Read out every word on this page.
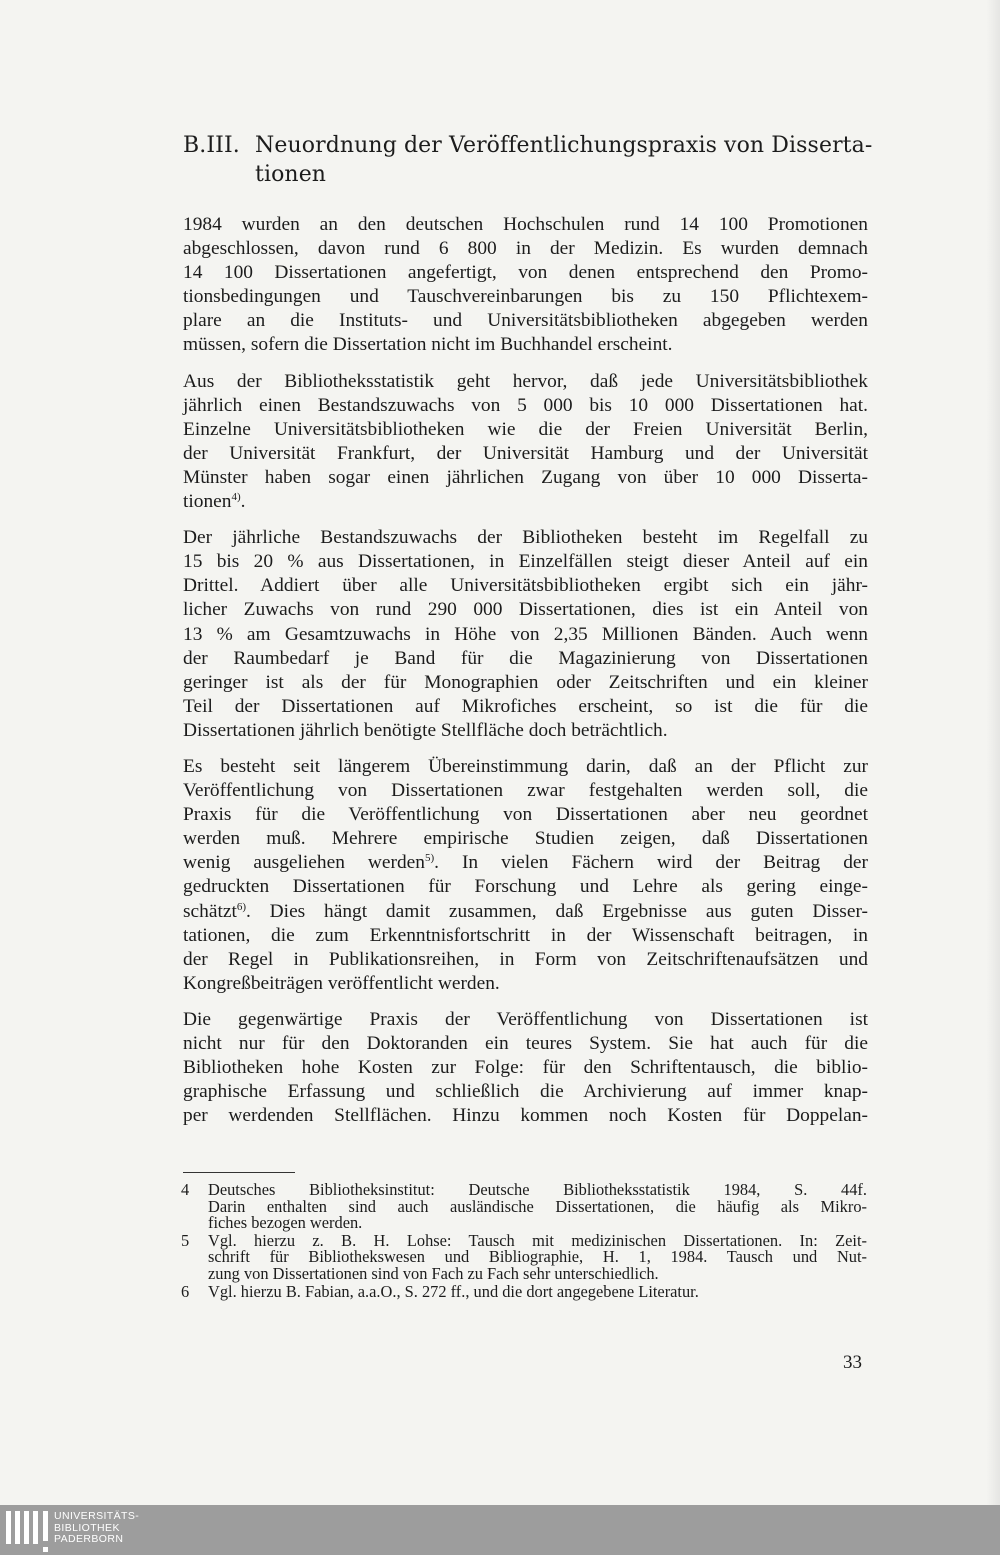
B.III. Neuordnung der Veröffentlichungspraxis von Disserta-
tionen

1984 wurden an den deutschen Hochschulen rund 14 100 Promotionen
abgeschlossen, davon rund 6 800 in der Medizin. Es wurden demnach
14 100 Dissertationen angefertigt, von denen entsprechend den Promo-
tionsbedingungen und Tauschvereinbarungen bis zu 150 Pflichtexem-
plare an die Instituts- und Universitätsbibliotheken abgegeben werden
müssen, sofern die Dissertation nicht im Buchhandel erscheint.

Aus der Bibliotheksstatistik geht hervor, daß jede Universitätsbibliothek
jährlich einen Bestandszuwachs von 5 000 bis 10 000 Dissertationen hat.
Einzelne Universitätsbibliotheken wie die der Freien Universität Berlin,
der Universität Frankfurt, der Universität Hamburg und der Universität
Münster haben sogar einen jährlichen Zugang von über 10 000 Disserta-
tionen$^{4)}$.

Der jährliche Bestandszuwachs der Bibliotheken besteht im Regelfall zu
15 bis 20 % aus Dissertationen, in Einzelfällen steigt dieser Anteil auf ein
Drittel. Addiert über alle Universitätsbibliotheken ergibt sich ein jähr-
licher Zuwachs von rund 290 000 Dissertationen, dies ist ein Anteil von
13 % am Gesamtzuwachs in Höhe von 2,35 Millionen Bänden. Auch wenn
der Raumbedarf je Band für die Magazinierung von Dissertationen
geringer ist als der für Monographien oder Zeitschriften und ein kleiner
Teil der Dissertationen auf Mikrofiches erscheint, so ist die für die
Dissertationen jährlich benötigte Stellfläche doch beträchtlich.

Es besteht seit längerem Übereinstimmung darin, daß an der Pflicht zur
Veröffentlichung von Dissertationen zwar festgehalten werden soll, die
Praxis für die Veröffentlichung von Dissertationen aber neu geordnet
werden muß. Mehrere empirische Studien zeigen, daß Dissertationen
wenig ausgeliehen werden$^{5)}$. In vielen Fächern wird der Beitrag der
gedruckten Dissertationen für Forschung und Lehre als gering einge-
schätzt$^{6)}$. Dies hängt damit zusammen, daß Ergebnisse aus guten Disser-
tationen, die zum Erkenntnisfortschritt in der Wissenschaft beitragen, in
der Regel in Publikationsreihen, in Form von Zeitschriftenaufsätzen und
Kongreßbeiträgen veröffentlicht werden.

Die gegenwärtige Praxis der Veröffentlichung von Dissertationen ist
nicht nur für den Doktoranden ein teures System. Sie hat auch für die
Bibliotheken hohe Kosten zur Folge: für den Schriftentausch, die biblio-
graphische Erfassung und schließlich die Archivierung auf immer knap-
per werdenden Stellflächen. Hinzu kommen noch Kosten für Doppelan-

4 Deutsches Bibliotheksinstitut: Deutsche Bibliotheksstatistik 1984, S. 44f.
Darin enthalten sind auch ausländische Dissertationen, die häufig als Mikro-
fiches bezogen werden.
5 Vgl. hierzu z. B. H. Lohse: Tausch mit medizinischen Dissertationen. In: Zeit-
schrift für Bibliothekswesen und Bibliographie, H. 1, 1984. Tausch und Nut-
zung von Dissertationen sind von Fach zu Fach sehr unterschiedlich.
6 Vgl. hierzu B. Fabian, a.a.O., S. 272 ff., und die dort angegebene Literatur.
33
UNIVERSITÄTS-
BIBLIOTHEK
PADERBORN
